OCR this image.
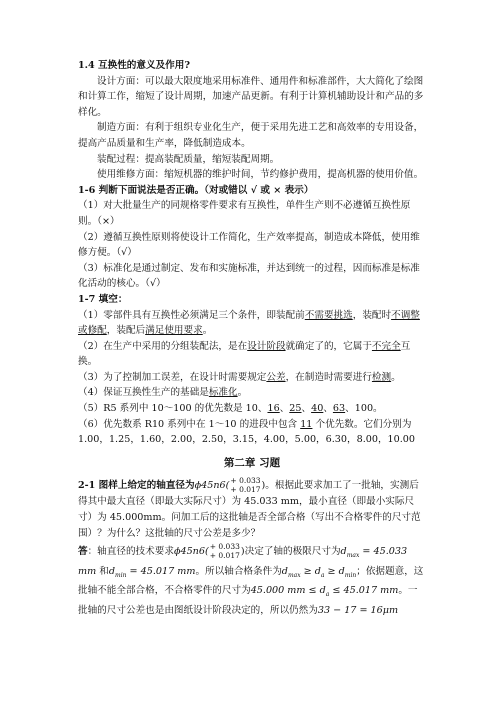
1.4 互换性的意义及作用?

设计方面：可以最大限度地采用标准件、通用件和标准部件，大大简化了绘图和计算工作，缩短了设计周期，加速产品更新。有利于计算机辅助设计和产品的多样化。

制造方面：有利于组织专业化生产，便于采用先进工艺和高效率的专用设备，提高产品质量和生产率，降低制造成本。

装配过程：提高装配质量，缩短装配周期。

使用维修方面：缩短机器的维护时间，节约修护费用，提高机器的使用价值。

1-6 判断下面说法是否正确。（对或错以 √ 或 × 表示）

（1）对大批量生产的同规格零件要求有互换性，单件生产则不必遵循互换性原则。（×）

（2）遵循互换性原则将使设计工作简化，生产效率提高，制造成本降低，使用维修方便。（√）

（3）标准化是通过制定、发布和实施标准，并达到统一的过程，因而标准是标准化活动的核心。（√）

1-7 填空：

（1）零部件具有互换性必须满足三个条件，即装配前不需要挑选，装配时不调整或修配，装配后满足使用要求。

（2）在生产中采用的分组装配法，是在设计阶段就确定了的，它属于不完全互换。

（3）为了控制加工误差，在设计时需要规定公差，在制造时需要进行检测。

（4）保证互换性生产的基础是标准化。

（5）R5 系列中 10～100 的优先数是 10、16、25、40、63、100。

（6）优先数系 R10 系列中在 1～10 的进段中包含 11 个优先数。它们分别为 1.00，1.25，1.60，2.00，2.50，3.15，4.00，5.00，6.30，8.00，10.00

第二章 习题

2-1 图样上给定的轴直径为ϕ45n6( + 0.033
+ 0.017 )。根据此要求加工了一批轴，实测后得其中最大直径（即最大实际尺寸）为 45.033 mm，最小直径（即最小实际尺寸）为 45.000mm。问加工后的这批轴是否全部合格（写出不合格零件的尺寸范围）？为什么？这批轴的尺寸公差是多少？

答：轴直径的技术要求ϕ45n6( + 0.033
+ 0.017 )决定了轴的极限尺寸为$d_{max} = 45.033$ mm 和$d_{min} = 45.017$ mm。所以轴合格条件为$d_{max} \ge d_a \ge d_{min}$；依据题意，这批轴不能全部合格，不合格零件的尺寸为45.000 mm ≤ $d_a \le 45.017$ mm。一批轴的尺寸公差也是由图纸设计阶段决定的，所以仍然为33 − 17 = 16μm
